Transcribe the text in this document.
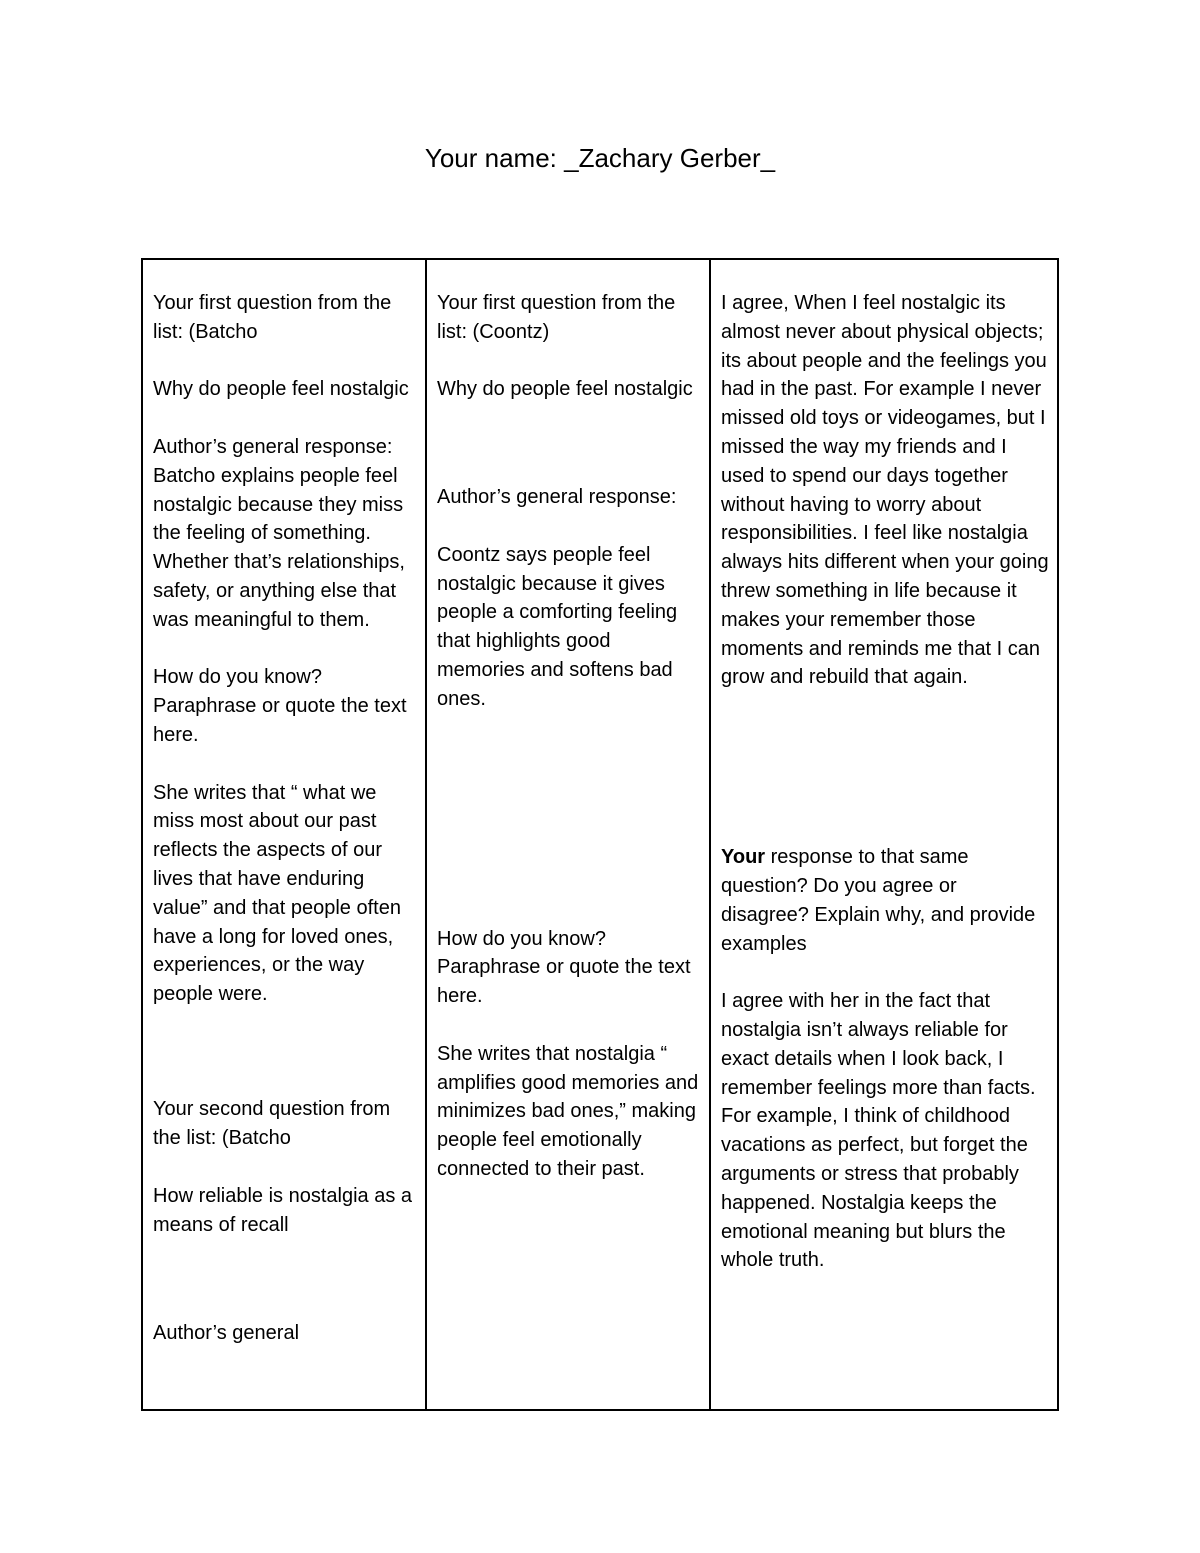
Your name: _Zachary Gerber_

Your first question from the list: (Batcho

Why do people feel nostalgic

Author’s general response:

Batcho explains people feel nostalgic because they miss the feeling of something. Whether that’s relationships, safety, or anything else that was meaningful to them.

How do you know? Paraphrase or quote the text here.

She writes that “ what we miss most about our past reflects the aspects of our lives that have enduring value” and that people often have a long for loved ones, experiences, or the way people were.

Your second question from the list: (Batcho

How reliable is nostalgia as a means of recall

Author’s general

Your first question from the list: (Coontz)

Why do people feel nostalgic

Author’s general response:

Coontz says people feel nostalgic because it gives people a comforting feeling that highlights good memories and softens bad ones.

How do you know? Paraphrase or quote the text here.

She writes that nostalgia “ amplifies good memories and minimizes bad ones,” making people feel emotionally connected to their past.

I agree, When I feel nostalgic its almost never about physical objects; its about people and the feelings you had in the past. For example I never missed old toys or videogames, but I missed the way my friends and I used to spend our days together without having to worry about responsibilities. I feel like nostalgia always hits different when your going threw something in life because it makes your remember those moments and reminds me that I can grow and rebuild that again.

Your response to that same question? Do you agree or disagree? Explain why, and provide examples

I agree with her in the fact that nostalgia isn’t always reliable for exact details when I look back, I remember feelings more than facts. For example, I think of childhood vacations as perfect, but forget the arguments or stress that probably happened. Nostalgia keeps the emotional meaning but blurs the whole truth.
